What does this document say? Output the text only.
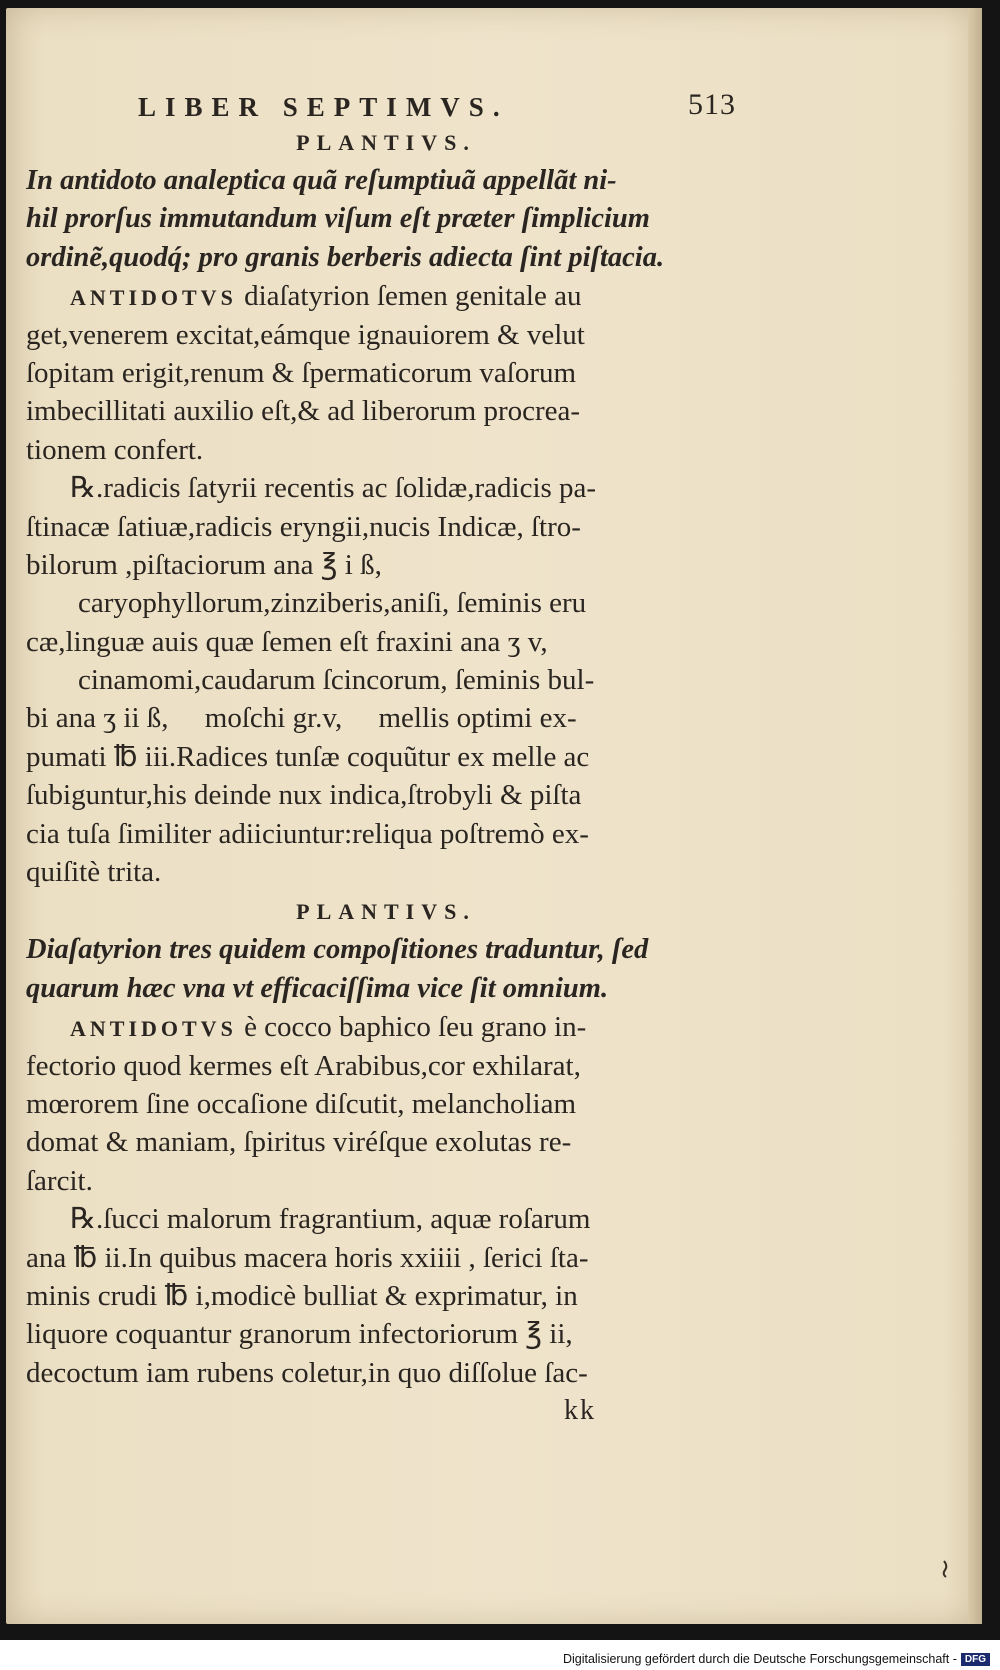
LIBER SEPTIMVS.	513
PLANTIVS.
In antidoto analeptica quã reſumptiuã appellãt ni-
hil prorſus immutandum viſum eſt præter ſimplicium
ordinẽ,quodq́; pro granis berberis adiecta ſint piſtacia.
ANTIDOTVS diaſatyrion ſemen genitale au
get,venerem excitat,eámque ignauiorem & velut
ſopitam erigit,renum & ſpermaticorum vaſorum
imbecillitati auxilio eſt,& ad liberorum procrea-
tionem confert.
℞.radicis ſatyrii recentis ac ſolidæ,radicis pa-
ſtinacæ ſatiuæ,radicis eryngii,nucis Indicæ, ſtro-
bilorum ,piſtaciorum ana ℥ i ß,
caryophyllorum,zinziberis,aniſi, ſeminis eru
cæ,linguæ auis quæ ſemen eſt fraxini ana ʒ v,
cinamomi,caudarum ſcincorum, ſeminis bul-
bi ana ʒ ii ß,     moſchi gr.v,     mellis optimi ex-
pumati ℔ iii.Radices tunſæ coquũtur ex melle ac
ſubiguntur,his deinde nux indica,ſtrobyli & piſta
cia tuſa ſimiliter adiiciuntur:reliqua poſtremò ex-
quiſitè trita.
PLANTIVS.
Diaſatyrion tres quidem compoſitiones traduntur, ſed
quarum hæc vna vt efficaciſſima vice ſit omnium.
ANTIDOTVS è cocco baphico ſeu grano in-
fectorio quod kermes eſt Arabibus,cor exhilarat,
mœrorem ſine occaſione diſcutit, melancholiam
domat & maniam, ſpiritus viréſque exolutas re-
ſarcit.
℞.ſucci malorum fragrantium, aquæ roſarum
ana ℔ ii.In quibus macera horis xxiiii , ſerici ſta-
minis crudi ℔ i,modicè bulliat & exprimatur, in
liquore coquantur granorum infectoriorum ℥ ii,
decoctum iam rubens coletur,in quo diſſolue ſac-
kk
Digitalisierung gefördert durch die Deutsche Forschungsgemeinschaft - DFG
